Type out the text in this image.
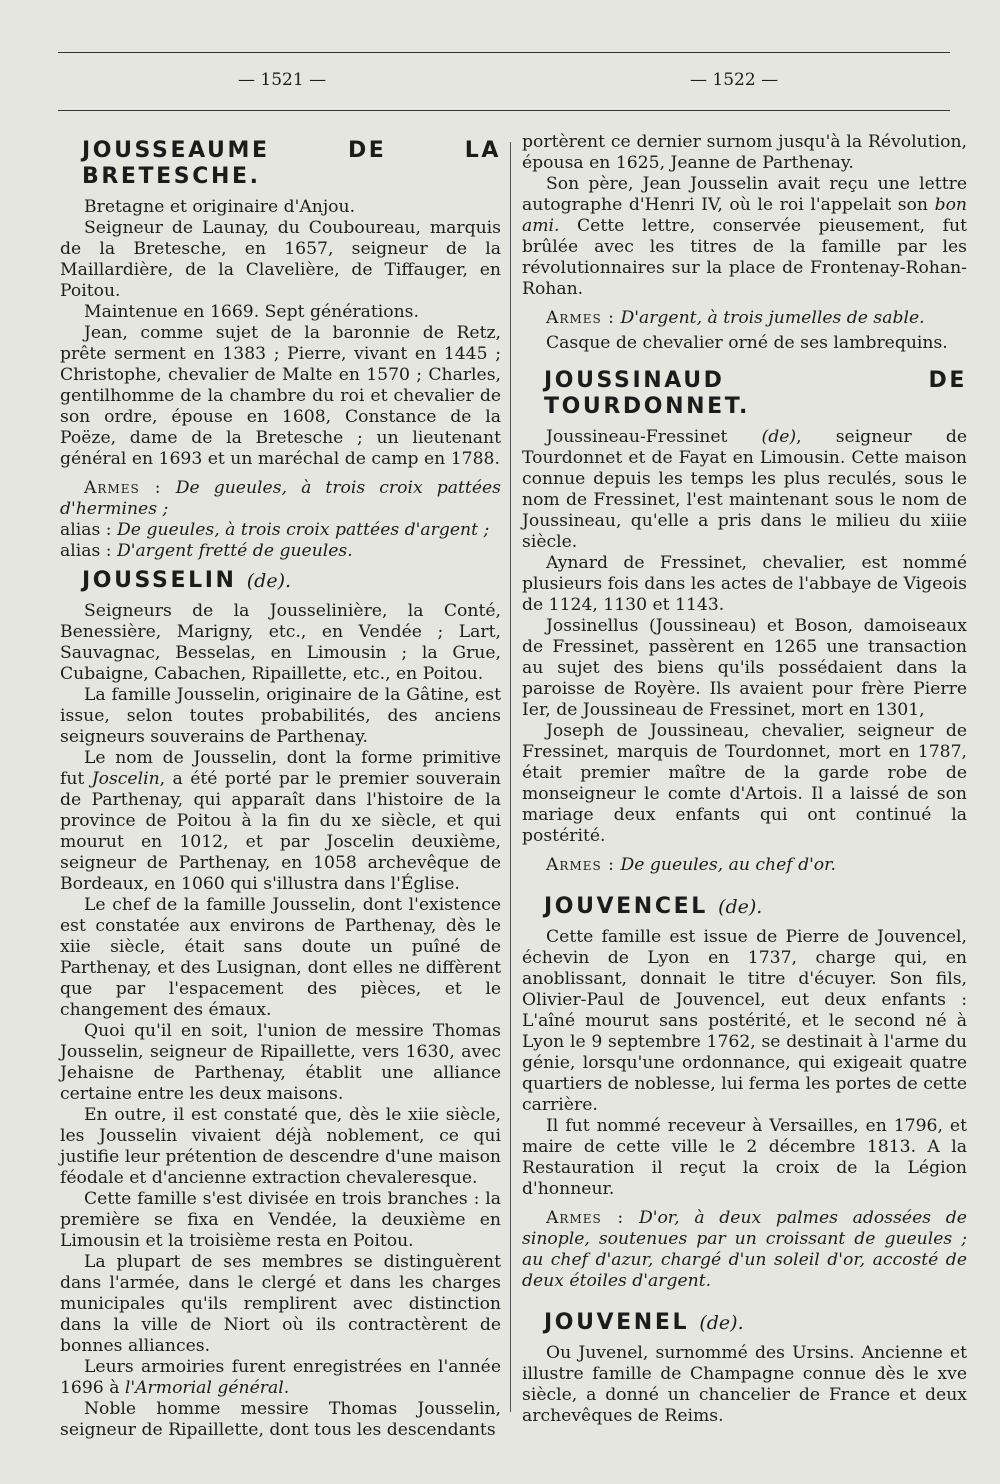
— 1521 —	— 1522 —
JOUSSEAUME DE LA BRETESCHE.

Bretagne et originaire d'Anjou.

Seigneur de Launay, du Couboureau, marquis de la Bretesche, en 1657, seigneur de la Maillardière, de la Clavelière, de Tiffauger, en Poitou.

Maintenue en 1669. Sept générations.

Jean, comme sujet de la baronnie de Retz, prête serment en 1383 ; Pierre, vivant en 1445 ; Christophe, chevalier de Malte en 1570 ; Charles, gentilhomme de la chambre du roi et chevalier de son ordre, épouse en 1608, Constance de la Poëze, dame de la Bretesche ; un lieutenant général en 1693 et un maréchal de camp en 1788.

Armes : De gueules, à trois croix pattées d'hermines ;
alias : De gueules, à trois croix pattées d'argent ;
alias : D'argent fretté de gueules.

JOUSSELIN (de).

Seigneurs de la Jousselinière, la Conté, Benessière, Marigny, etc., en Vendée ; Lart, Sauvagnac, Besselas, en Limousin ; la Grue, Cubaigne, Cabachen, Ripaillette, etc., en Poitou.

La famille Jousselin, originaire de la Gâtine, est issue, selon toutes probabilités, des anciens seigneurs souverains de Parthenay.

Le nom de Jousselin, dont la forme primitive fut Joscelin, a été porté par le premier souverain de Parthenay, qui apparaît dans l'histoire de la province de Poitou à la fin du xe siècle, et qui mourut en 1012, et par Joscelin deuxième, seigneur de Parthenay, en 1058 archevêque de Bordeaux, en 1060 qui s'illustra dans l'Église.

Le chef de la famille Jousselin, dont l'existence est constatée aux environs de Parthenay, dès le xiie siècle, était sans doute un puîné de Parthenay, et des Lusignan, dont elles ne diffèrent que par l'espacement des pièces, et le changement des émaux.

Quoi qu'il en soit, l'union de messire Thomas Jousselin, seigneur de Ripaillette, vers 1630, avec Jehaisne de Parthenay, établit une alliance certaine entre les deux maisons.

En outre, il est constaté que, dès le xiie siècle, les Jousselin vivaient déjà noblement, ce qui justifie leur prétention de descendre d'une maison féodale et d'ancienne extraction chevaleresque.

Cette famille s'est divisée en trois branches : la première se fixa en Vendée, la deuxième en Limousin et la troisième resta en Poitou.

La plupart de ses membres se distinguèrent dans l'armée, dans le clergé et dans les charges municipales qu'ils remplirent avec distinction dans la ville de Niort où ils contractèrent de bonnes alliances.

Leurs armoiries furent enregistrées en l'année 1696 à l'Armorial général.

Noble homme messire Thomas Jousselin, seigneur de Ripaillette, dont tous les descendants

portèrent ce dernier surnom jusqu'à la Révolution, épousa en 1625, Jeanne de Parthenay.

Son père, Jean Jousselin avait reçu une lettre autographe d'Henri IV, où le roi l'appelait son bon ami. Cette lettre, conservée pieusement, fut brûlée avec les titres de la famille par les révolutionnaires sur la place de Frontenay-Rohan-Rohan.

Armes : D'argent, à trois jumelles de sable.

Casque de chevalier orné de ses lambrequins.

JOUSSINAUD DE TOURDONNET.

Joussineau-Fressinet (de), seigneur de Tourdonnet et de Fayat en Limousin. Cette maison connue depuis les temps les plus reculés, sous le nom de Fressinet, l'est maintenant sous le nom de Joussineau, qu'elle a pris dans le milieu du xiiie siècle.

Aynard de Fressinet, chevalier, est nommé plusieurs fois dans les actes de l'abbaye de Vigeois de 1124, 1130 et 1143.

Jossinellus (Joussineau) et Boson, damoiseaux de Fressinet, passèrent en 1265 une transaction au sujet des biens qu'ils possédaient dans la paroisse de Royère. Ils avaient pour frère Pierre Ier, de Joussineau de Fressinet, mort en 1301,

Joseph de Joussineau, chevalier, seigneur de Fressinet, marquis de Tourdonnet, mort en 1787, était premier maître de la garde robe de monseigneur le comte d'Artois. Il a laissé de son mariage deux enfants qui ont continué la postérité.

Armes : De gueules, au chef d'or.

JOUVENCEL (de).

Cette famille est issue de Pierre de Jouvencel, échevin de Lyon en 1737, charge qui, en anoblissant, donnait le titre d'écuyer. Son fils, Olivier-Paul de Jouvencel, eut deux enfants : L'aîné mourut sans postérité, et le second né à Lyon le 9 septembre 1762, se destinait à l'arme du génie, lorsqu'une ordonnance, qui exigeait quatre quartiers de noblesse, lui ferma les portes de cette carrière.

Il fut nommé receveur à Versailles, en 1796, et maire de cette ville le 2 décembre 1813. A la Restauration il reçut la croix de la Légion d'honneur.

Armes : D'or, à deux palmes adossées de sinople, soutenues par un croissant de gueules ; au chef d'azur, chargé d'un soleil d'or, accosté de deux étoiles d'argent.

JOUVENEL (de).

Ou Juvenel, surnommé des Ursins. Ancienne et illustre famille de Champagne connue dès le xve siècle, a donné un chancelier de France et deux archevêques de Reims.
